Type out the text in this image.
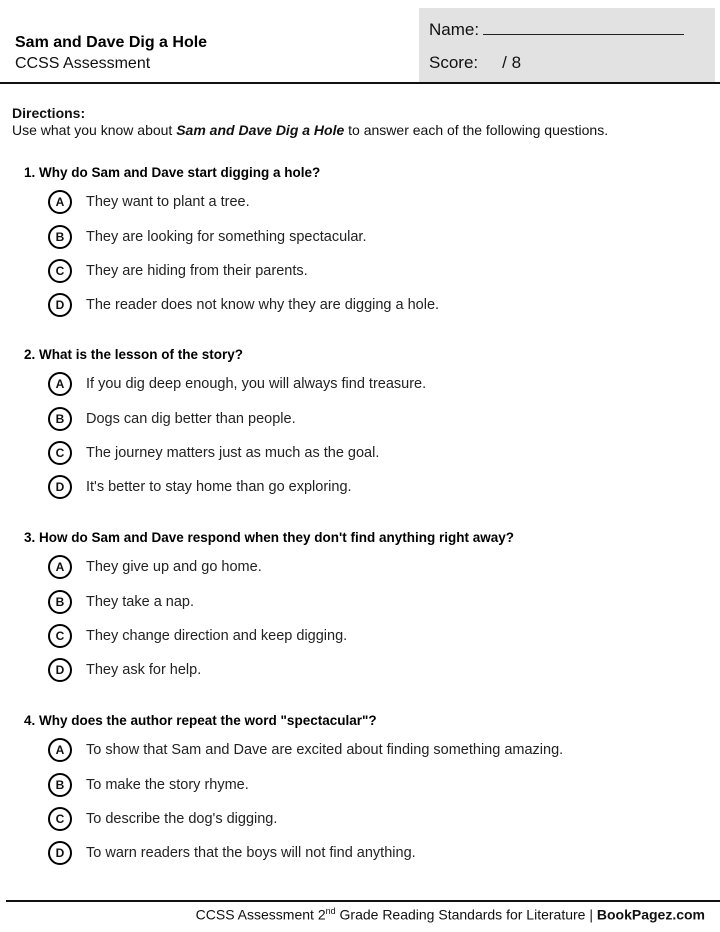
Sam and Dave Dig a Hole
CCSS Assessment
Name:
Score: / 8
Directions:
Use what you know about Sam and Dave Dig a Hole to answer each of the following questions.
1. Why do Sam and Dave start digging a hole?
A	They want to plant a tree.
B	They are looking for something spectacular.
C	They are hiding from their parents.
D	The reader does not know why they are digging a hole.
2. What is the lesson of the story?
A	If you dig deep enough, you will always find treasure.
B	Dogs can dig better than people.
C	The journey matters just as much as the goal.
D	It's better to stay home than go exploring.
3. How do Sam and Dave respond when they don't find anything right away?
A	They give up and go home.
B	They take a nap.
C	They change direction and keep digging.
D	They ask for help.
4. Why does the author repeat the word "spectacular"?
A	To show that Sam and Dave are excited about finding something amazing.
B	To make the story rhyme.
C	To describe the dog's digging.
D	To warn readers that the boys will not find anything.
CCSS Assessment 2nd Grade Reading Standards for Literature | BookPagez.com
